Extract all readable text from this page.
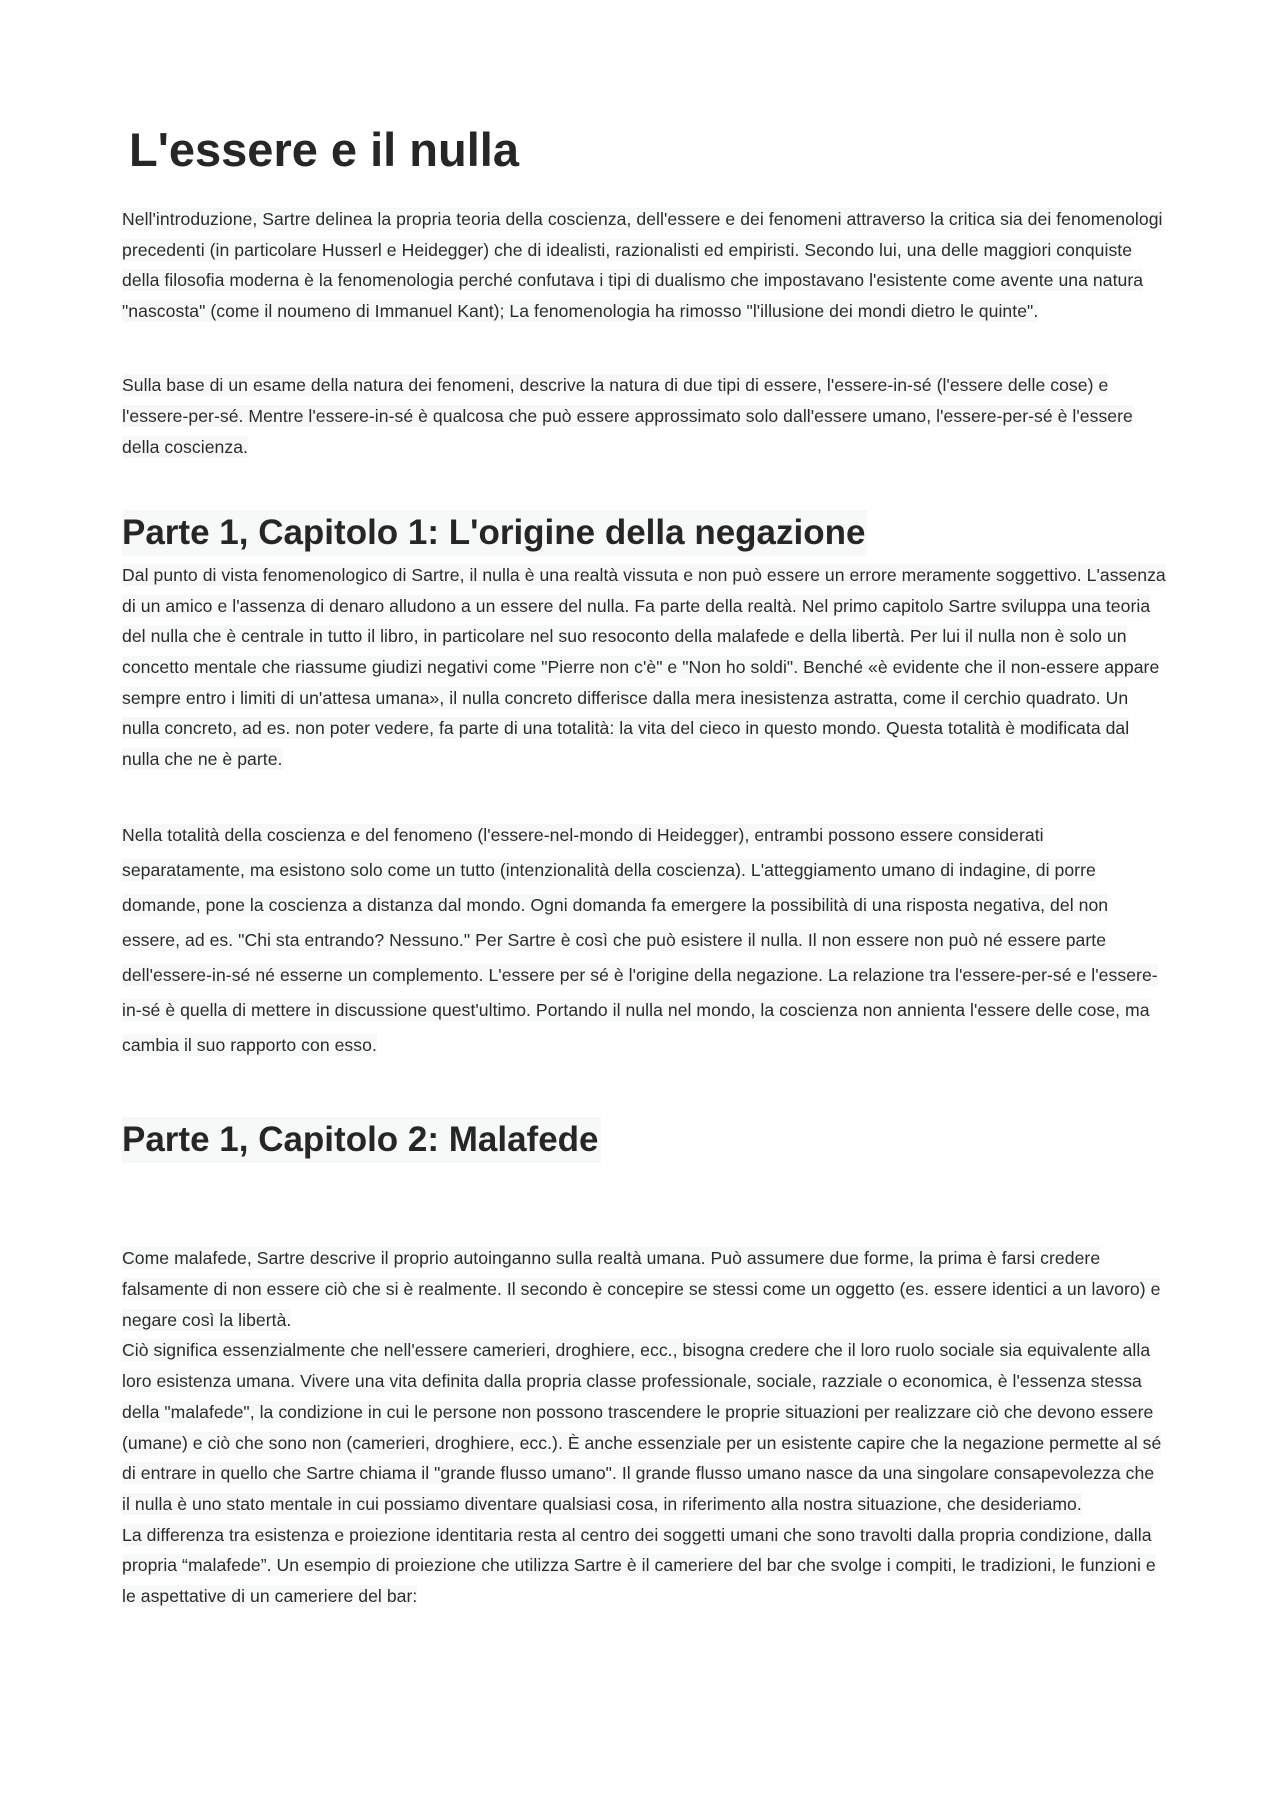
L'essere e il nulla

Nell'introduzione, Sartre delinea la propria teoria della coscienza, dell'essere e dei fenomeni attraverso la critica sia dei fenomenologi precedenti (in particolare Husserl e Heidegger) che di idealisti, razionalisti ed empiristi. Secondo lui, una delle maggiori conquiste della filosofia moderna è la fenomenologia perché confutava i tipi di dualismo che impostavano l'esistente come avente una natura "nascosta" (come il noumeno di Immanuel Kant); La fenomenologia ha rimosso "l'illusione dei mondi dietro le quinte".

Sulla base di un esame della natura dei fenomeni, descrive la natura di due tipi di essere, l'essere-in-sé (l'essere delle cose) e l'essere-per-sé. Mentre l'essere-in-sé è qualcosa che può essere approssimato solo dall'essere umano, l'essere-per-sé è l'essere della coscienza.

Parte 1, Capitolo 1: L'origine della negazione

Dal punto di vista fenomenologico di Sartre, il nulla è una realtà vissuta e non può essere un errore meramente soggettivo. L'assenza di un amico e l'assenza di denaro alludono a un essere del nulla. Fa parte della realtà. Nel primo capitolo Sartre sviluppa una teoria del nulla che è centrale in tutto il libro, in particolare nel suo resoconto della malafede e della libertà. Per lui il nulla non è solo un concetto mentale che riassume giudizi negativi come "Pierre non c'è" e "Non ho soldi". Benché «è evidente che il non-essere appare sempre entro i limiti di un'attesa umana», il nulla concreto differisce dalla mera inesistenza astratta, come il cerchio quadrato. Un nulla concreto, ad es. non poter vedere, fa parte di una totalità: la vita del cieco in questo mondo. Questa totalità è modificata dal nulla che ne è parte.

Nella totalità della coscienza e del fenomeno (l'essere-nel-mondo di Heidegger), entrambi possono essere considerati separatamente, ma esistono solo come un tutto (intenzionalità della coscienza). L'atteggiamento umano di indagine, di porre domande, pone la coscienza a distanza dal mondo. Ogni domanda fa emergere la possibilità di una risposta negativa, del non essere, ad es. "Chi sta entrando? Nessuno." Per Sartre è così che può esistere il nulla. Il non essere non può né essere parte dell'essere-in-sé né esserne un complemento. L'essere per sé è l'origine della negazione. La relazione tra l'essere-per-sé e l'essere-in-sé è quella di mettere in discussione quest'ultimo. Portando il nulla nel mondo, la coscienza non annienta l'essere delle cose, ma cambia il suo rapporto con esso.

Parte 1, Capitolo 2: Malafede

Come malafede, Sartre descrive il proprio autoinganno sulla realtà umana. Può assumere due forme, la prima è farsi credere falsamente di non essere ciò che si è realmente. Il secondo è concepire se stessi come un oggetto (es. essere identici a un lavoro) e negare così la libertà.

Ciò significa essenzialmente che nell'essere camerieri, droghiere, ecc., bisogna credere che il loro ruolo sociale sia equivalente alla loro esistenza umana. Vivere una vita definita dalla propria classe professionale, sociale, razziale o economica, è l'essenza stessa della "malafede", la condizione in cui le persone non possono trascendere le proprie situazioni per realizzare ciò che devono essere (umane) e ciò che sono non (camerieri, droghiere, ecc.). È anche essenziale per un esistente capire che la negazione permette al sé di entrare in quello che Sartre chiama il "grande flusso umano". Il grande flusso umano nasce da una singolare consapevolezza che il nulla è uno stato mentale in cui possiamo diventare qualsiasi cosa, in riferimento alla nostra situazione, che desideriamo.

La differenza tra esistenza e proiezione identitaria resta al centro dei soggetti umani che sono travolti dalla propria condizione, dalla propria “malafede”. Un esempio di proiezione che utilizza Sartre è il cameriere del bar che svolge i compiti, le tradizioni, le funzioni e le aspettative di un cameriere del bar:
